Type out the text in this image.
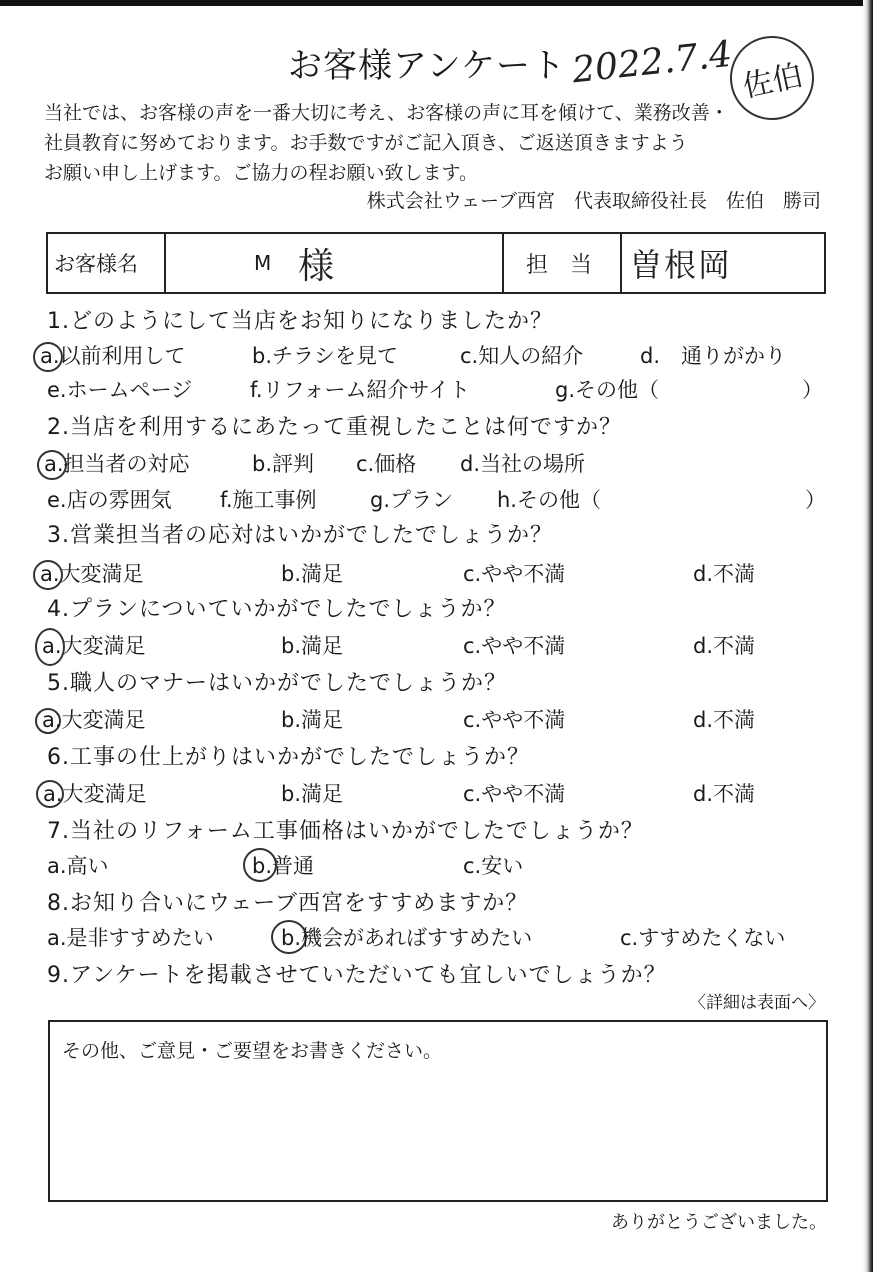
お客様アンケート 2022.7.4 佐伯
当社では、お客様の声を一番大切に考え、お客様の声に耳を傾けて、業務改善・
社員教育に努めております。お手数ですがご記入頂き、ご返送頂きますよう
お願い申し上げます。ご協力の程お願い致します。
株式会社ウェーブ西宮　代表取締役社長　佐伯　勝司
お客様名	M 様	担　当 曽根岡
1.どのようにして当店をお知りになりましたか？
a.以前利用して	b.チラシを見て	c.知人の紹介	d.　通りがかり
e.ホームページ	f.リフォーム紹介サイト	g.その他（	）
2.当店を利用するにあたって重視したことは何ですか？
a.担当者の対応	b.評判 c.価格 d.当社の場所
e.店の雰囲気 f.施工事例	g.プラン h.その他（	）
3.営業担当者の応対はいかがでしたでしょうか？
a.大変満足	b.満足	c.やや不満	d.不満
4.プランについていかがでしたでしょうか？
a.大変満足	b.満足	c.やや不満	d.不満
5.職人のマナーはいかがでしたでしょうか？
a.大変満足	b.満足	c.やや不満	d.不満
6.工事の仕上がりはいかがでしたでしょうか？
a.大変満足	b.満足	c.やや不満	d.不満
7.当社のリフォーム工事価格はいかがでしたでしょうか？
a.高い	b.普通	c.安い
8.お知り合いにウェーブ西宮をすすめますか？
a.是非すすめたい	b.機会があればすすめたい	c.すすめたくない
9.アンケートを掲載させていただいても宜しいでしょうか？
〈詳細は表面へ〉
その他、ご意見・ご要望をお書きください。
ありがとうございました。
